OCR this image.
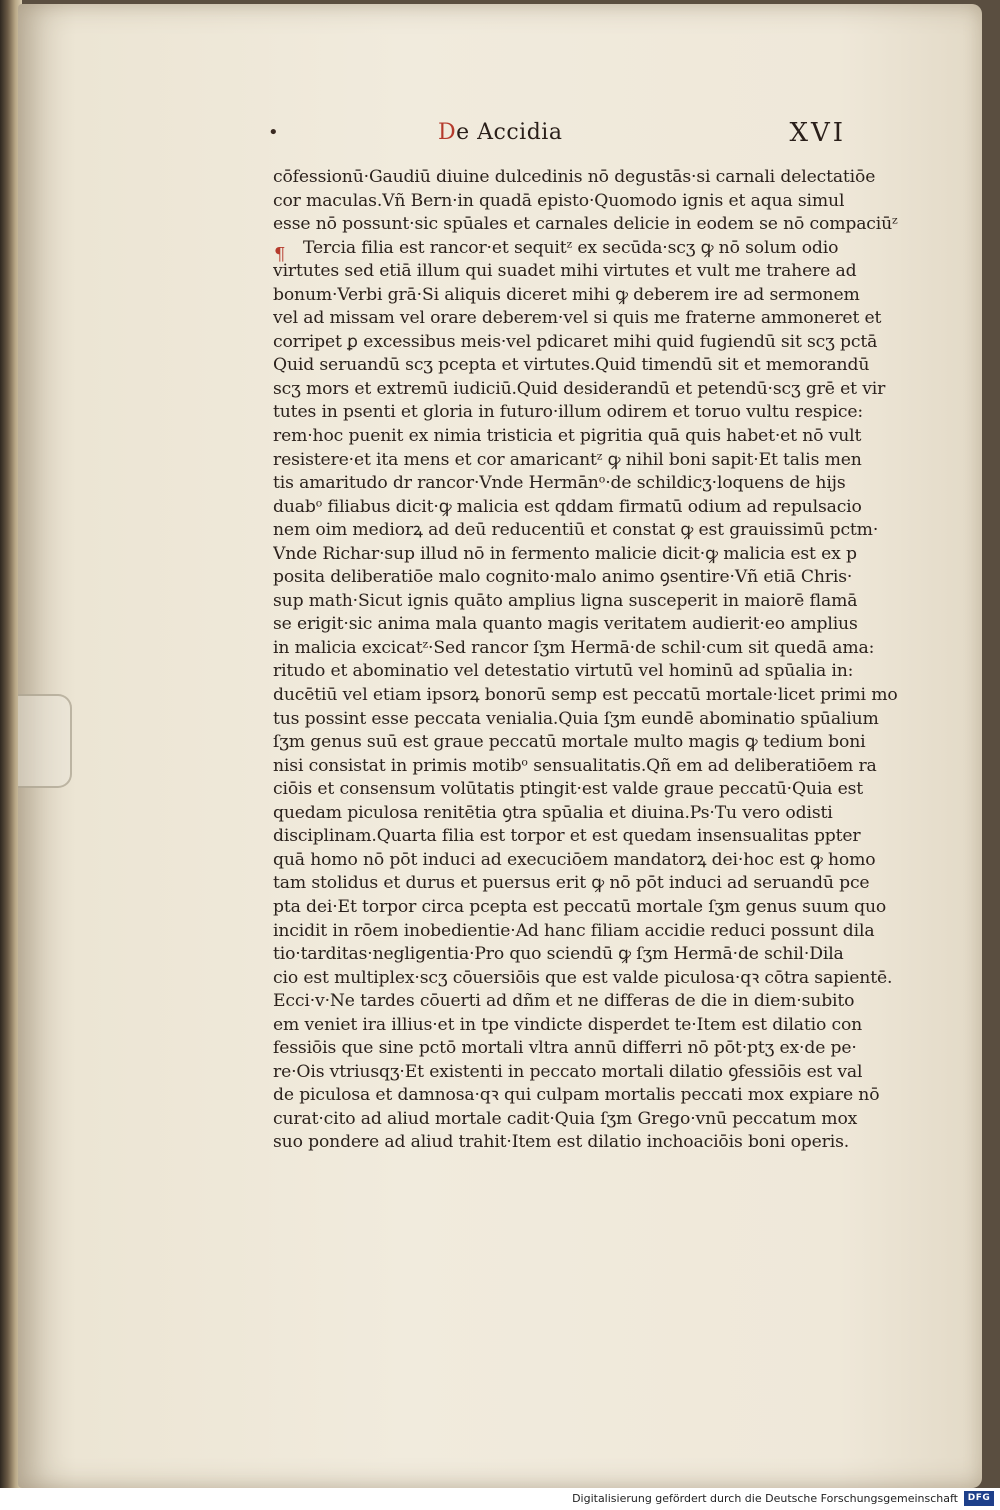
•	De Accidia	XVI
¶
cōfessionū·Gaudiū diuine dulcedinis nō degustās·si carnali delectatiōe
cor maculas.Vñ Bern·in quadā episto·Quomodo ignis et aqua simul
esse nō possunt·sic spūales et carnales delicie in eodem se nō compaciūᶻ
Tercia filia est rancor·et sequitᶻ ex secūda·scʒ ꝙ nō solum odio
virtutes sed etiā illum qui suadet mihi virtutes et vult me trahere ad
bonum·Verbi grā·Si aliquis diceret mihi ꝙ deberem ire ad sermonem
vel ad missam vel orare deberem·vel si quis me fraterne ammoneret et
corripet ꝑ excessibus meis·vel pdicaret mihi quid fugiendū sit scʒ pctā
Quid seruandū scʒ pcepta et virtutes.Quid timendū sit et memorandū
scʒ mors et extremū iudiciū.Quid desiderandū et petendū·scʒ grē et vir
tutes in psenti et gloria in futuro·illum odirem et toruo vultu respice:
rem·hoc puenit ex nimia tristicia et pigritia quā quis habet·et nō vult
resistere·et ita mens et cor amaricantᶻ ꝙ nihil boni sapit·Et talis men
tis amaritudo dr rancor·Vnde Hermānᵒ·de schildicʒ·loquens de hijs
duabᵒ filiabus dicit·ꝙ malicia est qddam firmatū odium ad repulsacio
nem oim mediorꝝ ad deū reducentiū et constat ꝙ est grauissimū pctm·
Vnde Richar·sup illud nō in fermento malicie dicit·ꝙ malicia est ex p
posita deliberatiōe malo cognito·malo animo ꝯsentire·Vñ etiā Chris·
sup math·Sicut ignis quāto amplius ligna susceperit in maiorē flamā
se erigit·sic anima mala quanto magis veritatem audierit·eo amplius
in malicia excicatᶻ·Sed rancor ſʒm Hermā·de schil·cum sit quedā ama:
ritudo et abominatio vel detestatio virtutū vel hominū ad spūalia in:
ducētiū vel etiam ipsorꝝ bonorū semp est peccatū mortale·licet primi mo
tus possint esse peccata venialia.Quia ſʒm eundē abominatio spūalium
ſʒm genus suū est graue peccatū mortale multo magis ꝙ tedium boni
nisi consistat in primis motibᵒ sensualitatis.Qñ em ad deliberatiōem ra
ciōis et consensum volūtatis ptingit·est valde graue peccatū·Quia est
quedam piculosa renitētia ꝯtra spūalia et diuina.Ps·Tu vero odisti
disciplinam.Quarta filia est torpor et est quedam insensualitas ppter
quā homo nō pōt induci ad execuciōem mandatorꝝ dei·hoc est ꝙ homo
tam stolidus et durus et puersus erit ꝙ nō pōt induci ad seruandū pce
pta dei·Et torpor circa pcepta est peccatū mortale ſʒm genus suum quo
incidit in rōem inobedientie·Ad hanc filiam accidie reduci possunt dila
tio·tarditas·negligentia·Pro quo sciendū ꝙ ſʒm Hermā·de schil·Dila
cio est multiplex·scʒ cōuersiōis que est valde piculosa·qꝛ cōtra sapientē.
Ecci·v·Ne tardes cōuerti ad dñm et ne differas de die in diem·subito
em veniet ira illius·et in tpe vindicte disperdet te·Item est dilatio con
fessiōis que sine pctō mortali vltra annū differri nō pōt·ptʒ ex·de pe·
re·Ois vtriusqʒ·Et existenti in peccato mortali dilatio ꝯfessiōis est val
de piculosa et damnosa·qꝛ qui culpam mortalis peccati mox expiare nō
curat·cito ad aliud mortale cadit·Quia ſʒm Grego·vnū peccatum mox
suo pondere ad aliud trahit·Item est dilatio inchoaciōis boni operis.
Digitalisierung gefördert durch die Deutsche Forschungsgemeinschaft	DFG
